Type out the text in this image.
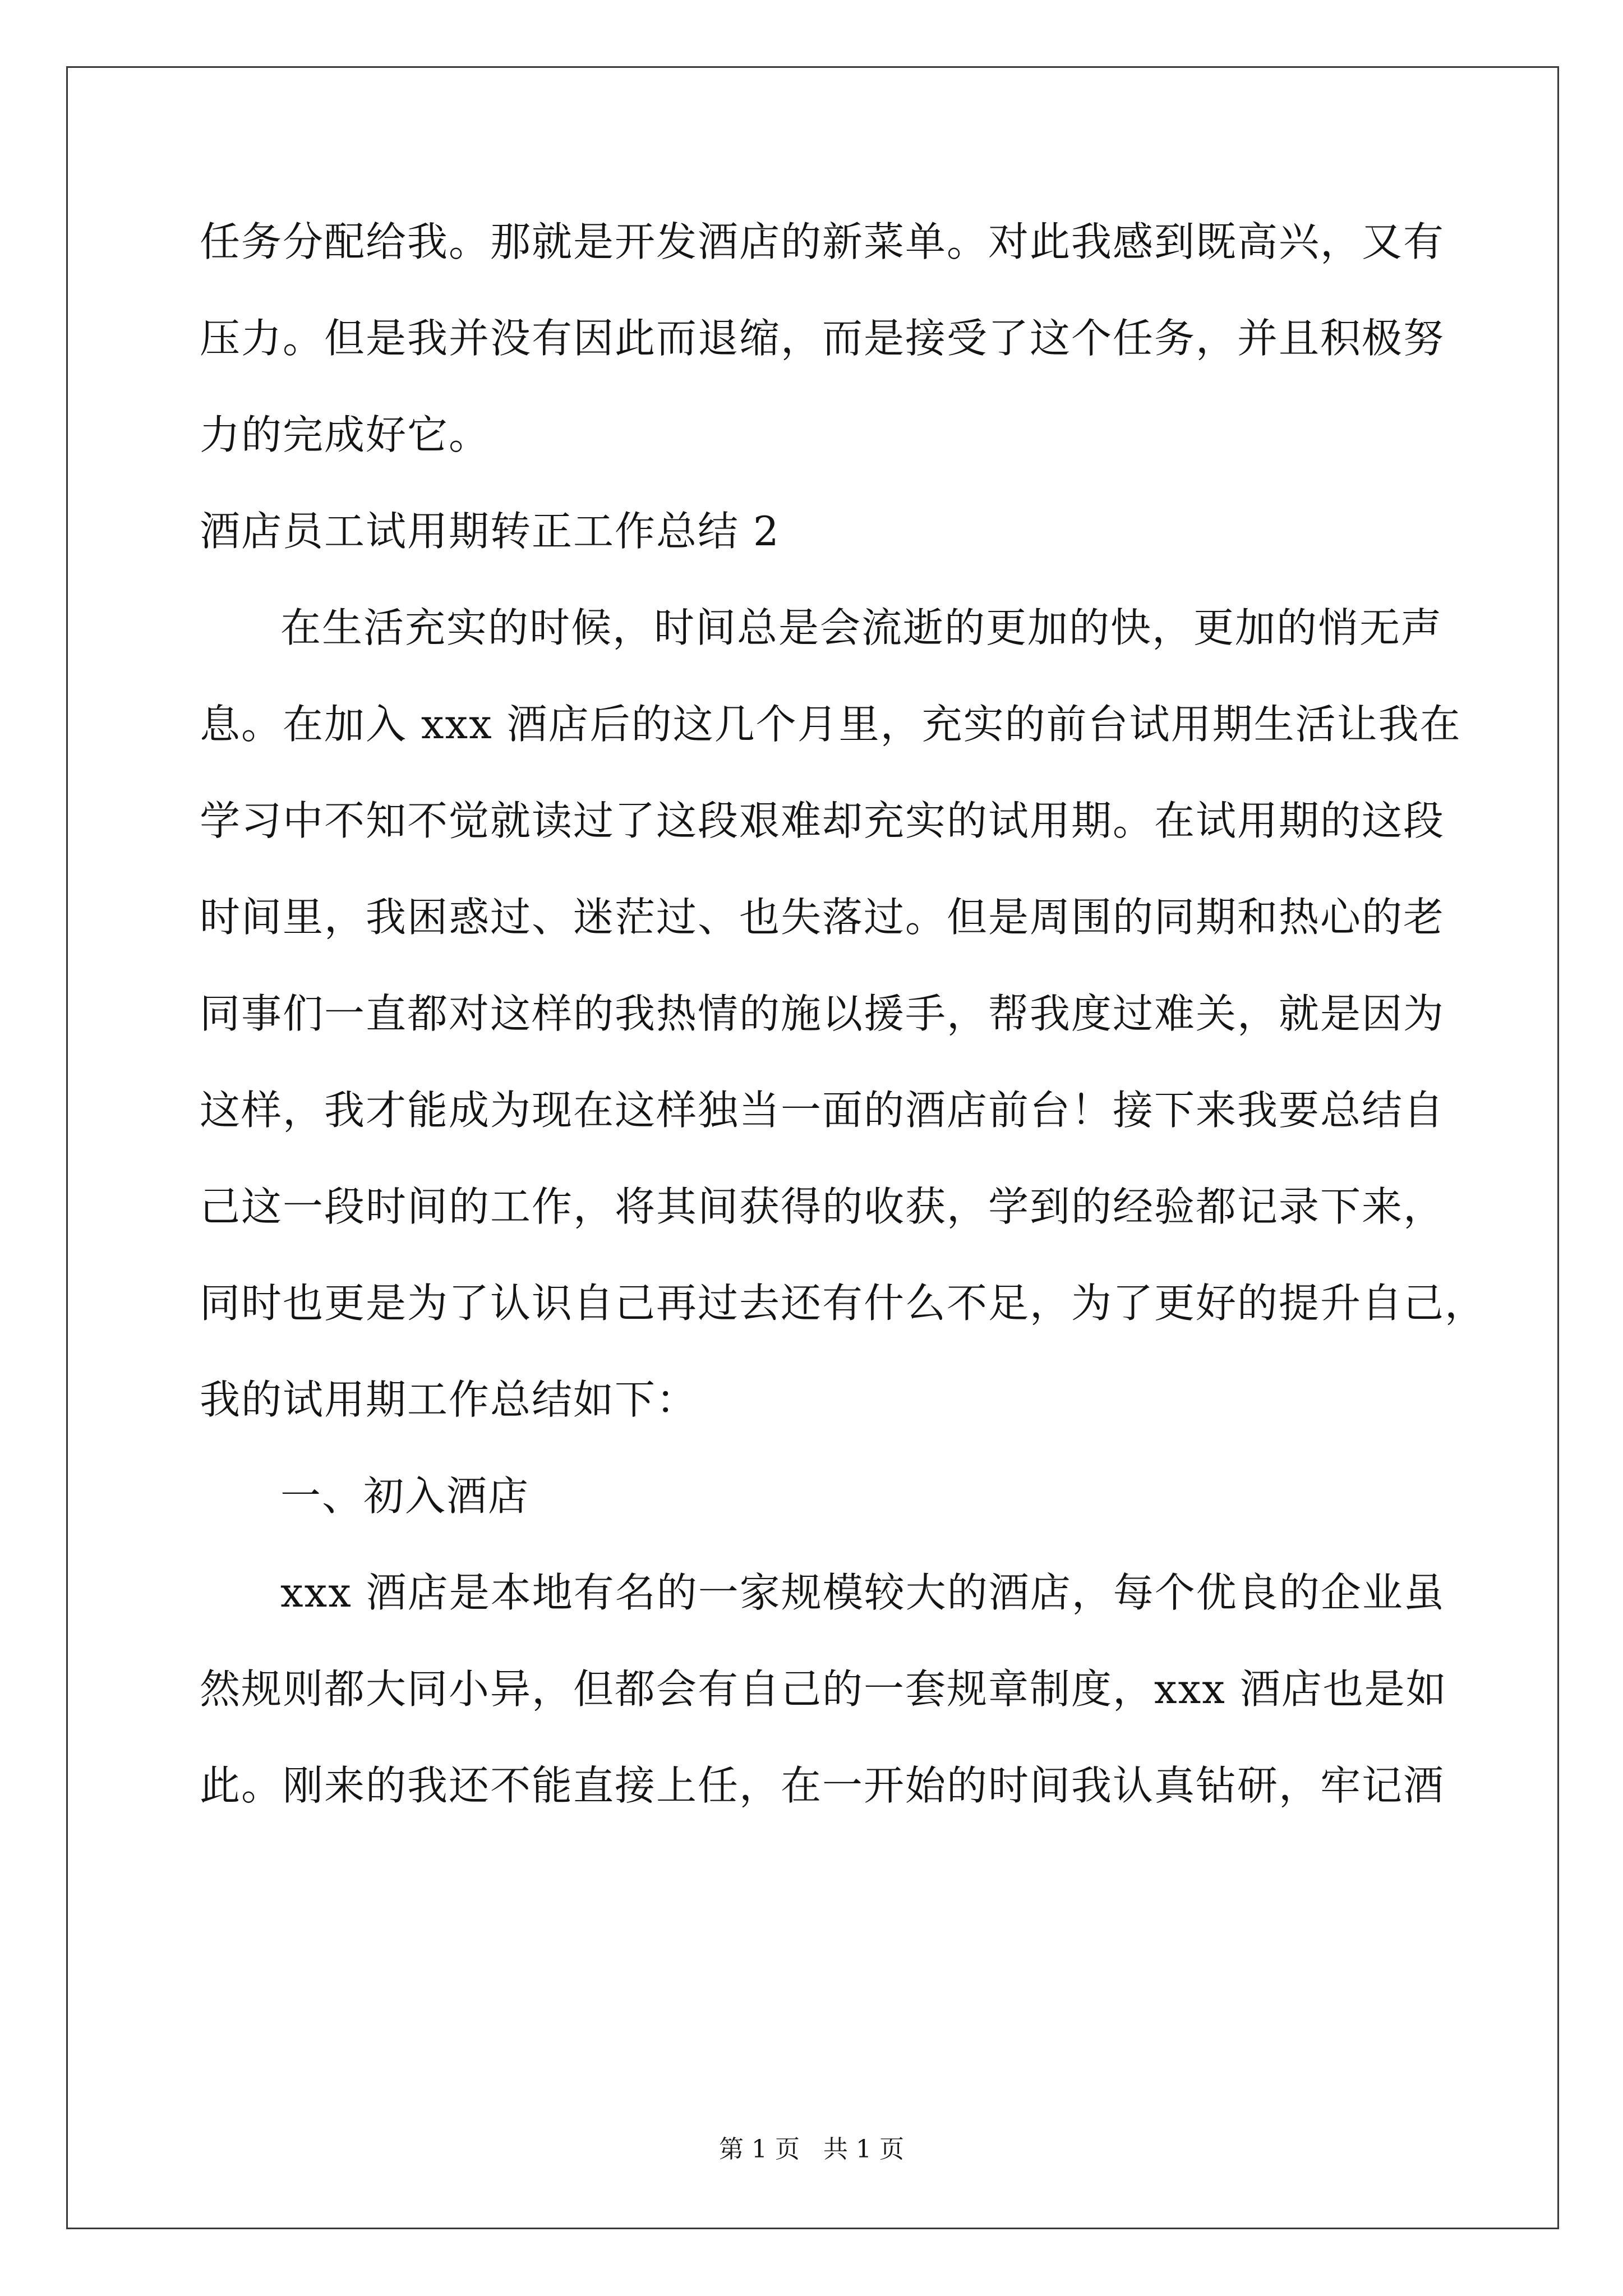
任务分配给我。那就是开发酒店的新菜单。对此我感到既高兴，又有
压力。但是我并没有因此而退缩，而是接受了这个任务，并且积极努
力的完成好它。
酒店员工试用期转正工作总结 2
在生活充实的时候，时间总是会流逝的更加的快，更加的悄无声
息。在加入 xxx 酒店后的这几个月里，充实的前台试用期生活让我在
学习中不知不觉就读过了这段艰难却充实的试用期。在试用期的这段
时间里，我困惑过、迷茫过、也失落过。但是周围的同期和热心的老
同事们一直都对这样的我热情的施以援手，帮我度过难关，就是因为
这样，我才能成为现在这样独当一面的酒店前台！接下来我要总结自
己这一段时间的工作，将其间获得的收获，学到的经验都记录下来，
同时也更是为了认识自己再过去还有什么不足，为了更好的提升自己，
我的试用期工作总结如下：
一、初入酒店
xxx 酒店是本地有名的一家规模较大的酒店，每个优良的企业虽
然规则都大同小异，但都会有自己的一套规章制度，xxx 酒店也是如
此。刚来的我还不能直接上任，在一开始的时间我认真钻研，牢记酒
第 1 页   共 1 页
